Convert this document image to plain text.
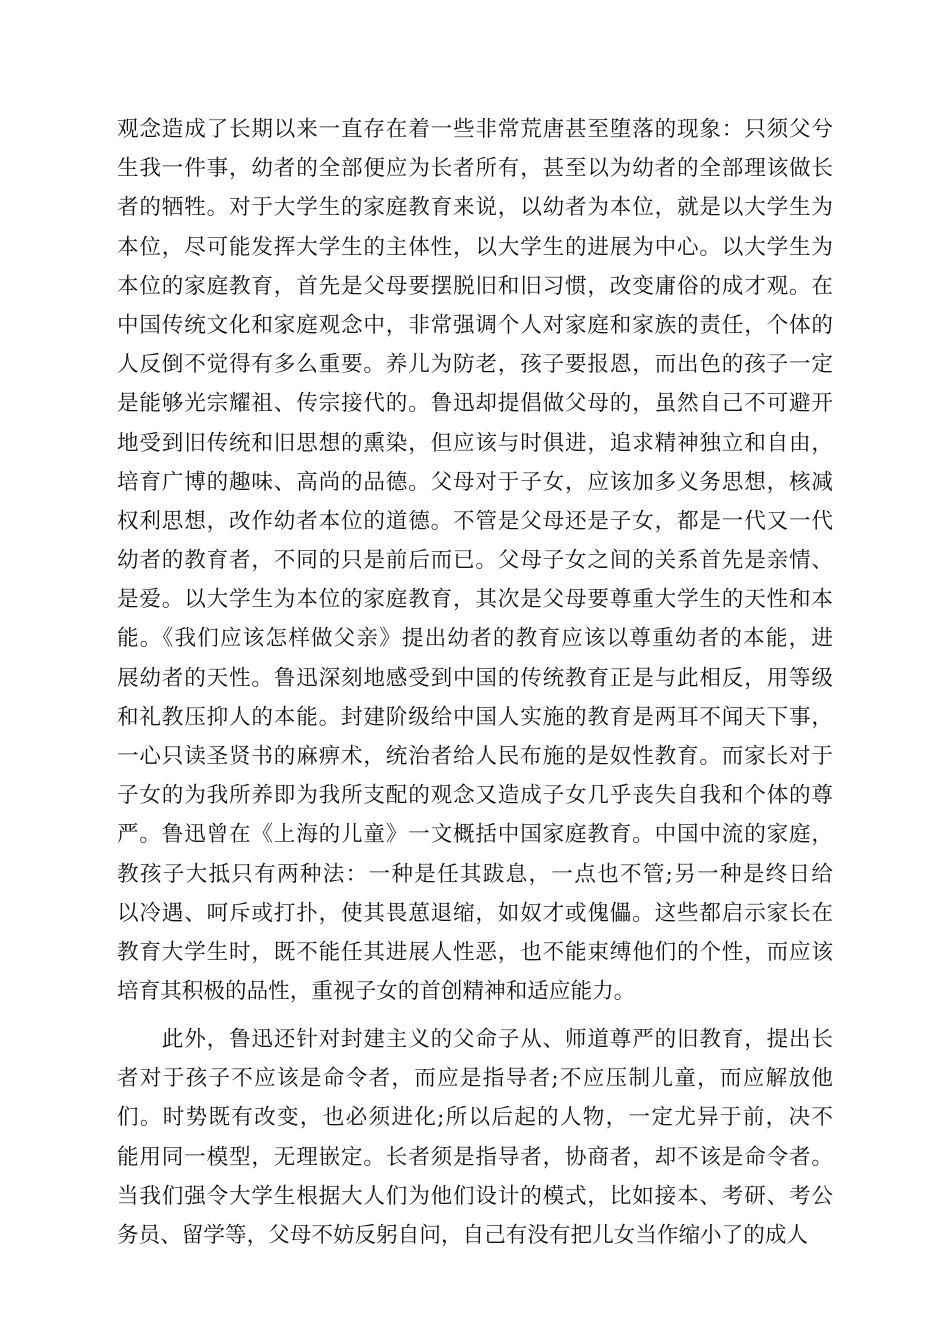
观念造成了长期以来一直存在着一些非常荒唐甚至堕落的现象：只须父兮
生我一件事，幼者的全部便应为长者所有，甚至以为幼者的全部理该做长
者的牺牲。对于大学生的家庭教育来说，以幼者为本位，就是以大学生为
本位，尽可能发挥大学生的主体性，以大学生的进展为中心。以大学生为
本位的家庭教育，首先是父母要摆脱旧和旧习惯，改变庸俗的成才观。在
中国传统文化和家庭观念中，非常强调个人对家庭和家族的责任，个体的
人反倒不觉得有多么重要。养儿为防老，孩子要报恩，而出色的孩子一定
是能够光宗耀祖、传宗接代的。鲁迅却提倡做父母的，虽然自己不可避开
地受到旧传统和旧思想的熏染，但应该与时俱进，追求精神独立和自由，
培育广博的趣味、高尚的品德。父母对于子女，应该加多义务思想，核减
权利思想，改作幼者本位的道德。不管是父母还是子女，都是一代又一代
幼者的教育者，不同的只是前后而已。父母子女之间的关系首先是亲情、
是爱。以大学生为本位的家庭教育，其次是父母要尊重大学生的天性和本
能。《我们应该怎样做父亲》提出幼者的教育应该以尊重幼者的本能，进
展幼者的天性。鲁迅深刻地感受到中国的传统教育正是与此相反，用等级
和礼教压抑人的本能。封建阶级给中国人实施的教育是两耳不闻天下事，
一心只读圣贤书的麻痹术，统治者给人民布施的是奴性教育。而家长对于
子女的为我所养即为我所支配的观念又造成子女几乎丧失自我和个体的尊
严。鲁迅曾在《上海的儿童》一文概括中国家庭教育。中国中流的家庭，
教孩子大抵只有两种法：一种是任其跋息，一点也不管;另一种是终日给
以冷遇、呵斥或打扑，使其畏葸退缩，如奴才或傀儡。这些都启示家长在
教育大学生时，既不能任其进展人性恶，也不能束缚他们的个性，而应该
培育其积极的品性，重视子女的首创精神和适应能力。
　　此外，鲁迅还针对封建主义的父命子从、师道尊严的旧教育，提出长
者对于孩子不应该是命令者，而应是指导者;不应压制儿童，而应解放他
们。时势既有改变，也必须进化;所以后起的人物，一定尤异于前，决不
能用同一模型，无理嵌定。长者须是指导者，协商者，却不该是命令者。
当我们强令大学生根据大人们为他们设计的模式，比如接本、考研、考公
务员、留学等，父母不妨反躬自问，自己有没有把儿女当作缩小了的成人
